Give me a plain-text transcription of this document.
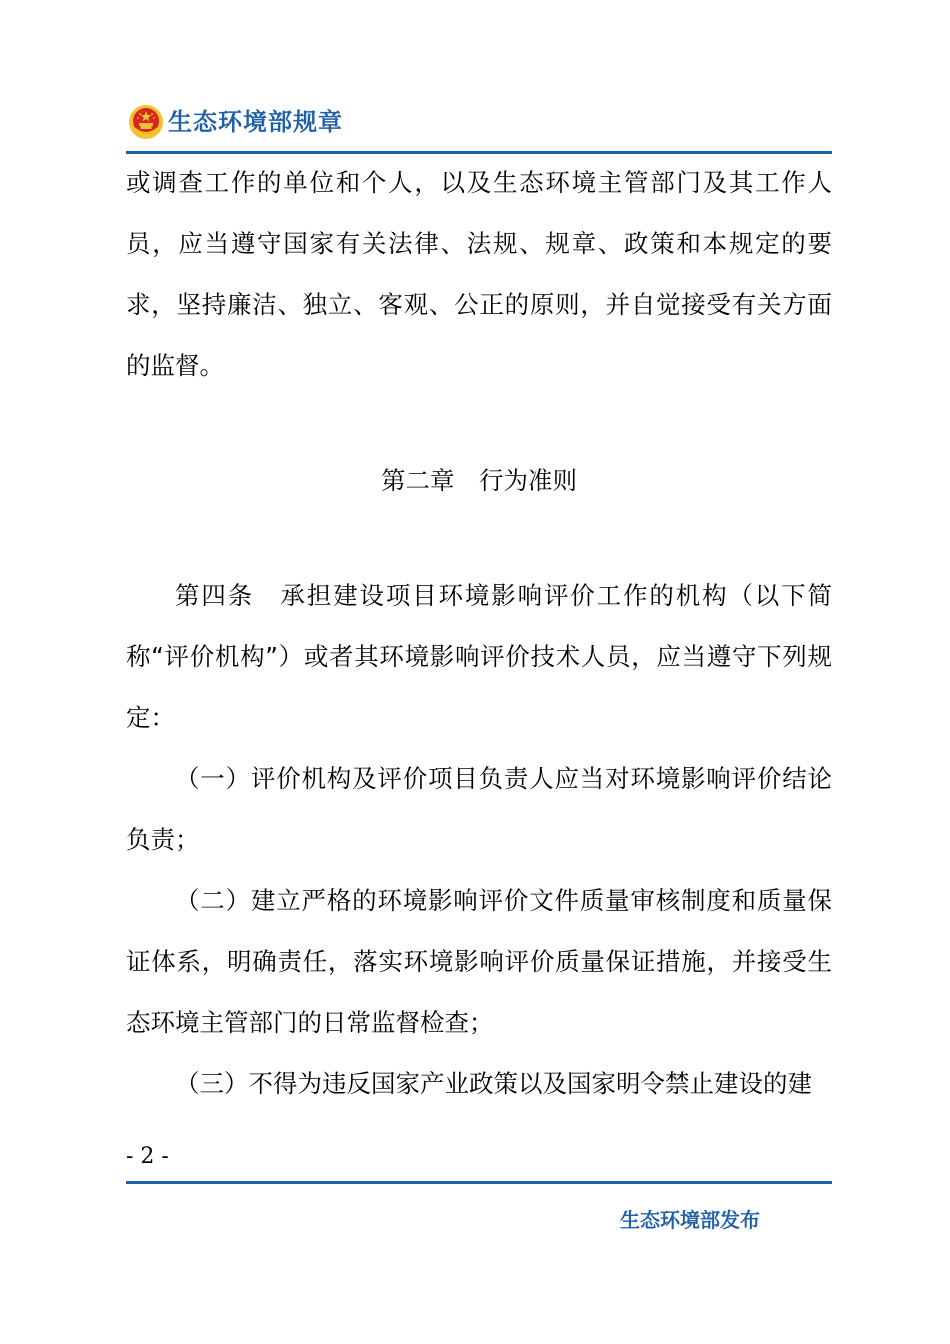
生态环境部规章

或调查工作的单位和个人，以及生态环境主管部门及其工作人员，应当遵守国家有关法律、法规、规章、政策和本规定的要求，坚持廉洁、独立、客观、公正的原则，并自觉接受有关方面的监督。

第二章　行为准则

第四条　承担建设项目环境影响评价工作的机构（以下简称“评价机构”）或者其环境影响评价技术人员，应当遵守下列规定：

（一）评价机构及评价项目负责人应当对环境影响评价结论负责；

（二）建立严格的环境影响评价文件质量审核制度和质量保证体系，明确责任，落实环境影响评价质量保证措施，并接受生态环境主管部门的日常监督检查；

（三）不得为违反国家产业政策以及国家明令禁止建设的建

- 2 -
生态环境部发布
